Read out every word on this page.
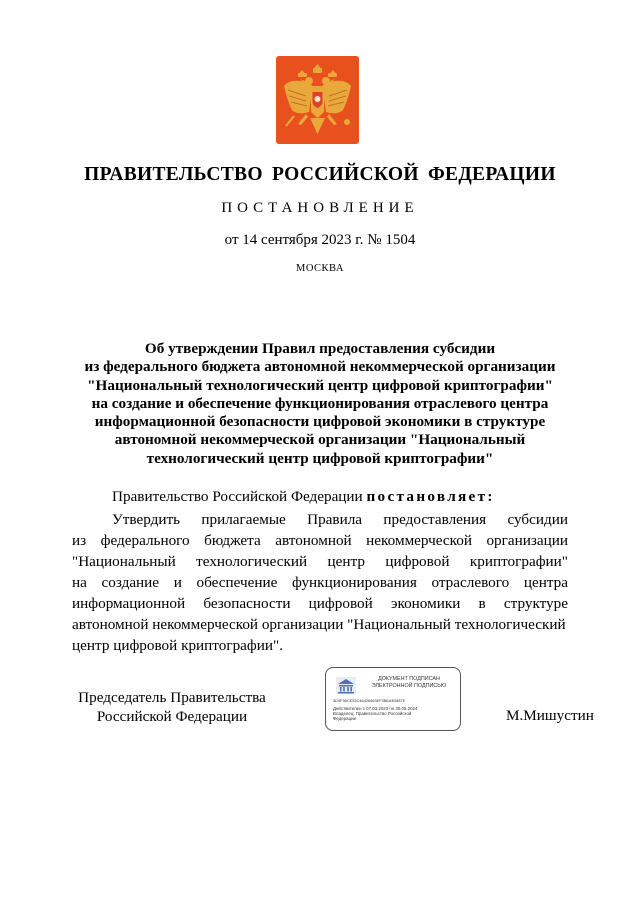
ПРАВИТЕЛЬСТВО РОССИЙСКОЙ ФЕДЕРАЦИИ
ПОСТАНОВЛЕНИЕ
от 14 сентября 2023 г. № 1504
МОСКВА
Об утверждении Правил предоставления субсидии
из федерального бюджета автономной некоммерческой организации
"Национальный технологический центр цифровой криптографии"
на создание и обеспечение функционирования отраслевого центра
информационной безопасности цифровой экономики в структуре
автономной некоммерческой организации "Национальный
технологический центр цифровой криптографии"
Правительство Российской Федерации постановляет:
Утвердить прилагаемые Правила предоставления субсидии
из федерального бюджета автономной некоммерческой организации
"Национальный технологический центр цифровой криптографии"
на создание и обеспечение функционирования отраслевого центра
информационной безопасности цифровой экономики в структуре
автономной некоммерческой организации "Национальный технологический
центр цифровой криптографии".
Председатель Правительства
Российской Федерации
ДОКУМЕНТ ПОДПИСАН
ЭЛЕКТРОННОЙ ПОДПИСЬЮ
3D0F96CE53C46426663EF3B6A3D887E
Действителен с 07.03.2023 по 30.05.2024
Владелец: Правительство Российской
Федерации	М.Мишустин
